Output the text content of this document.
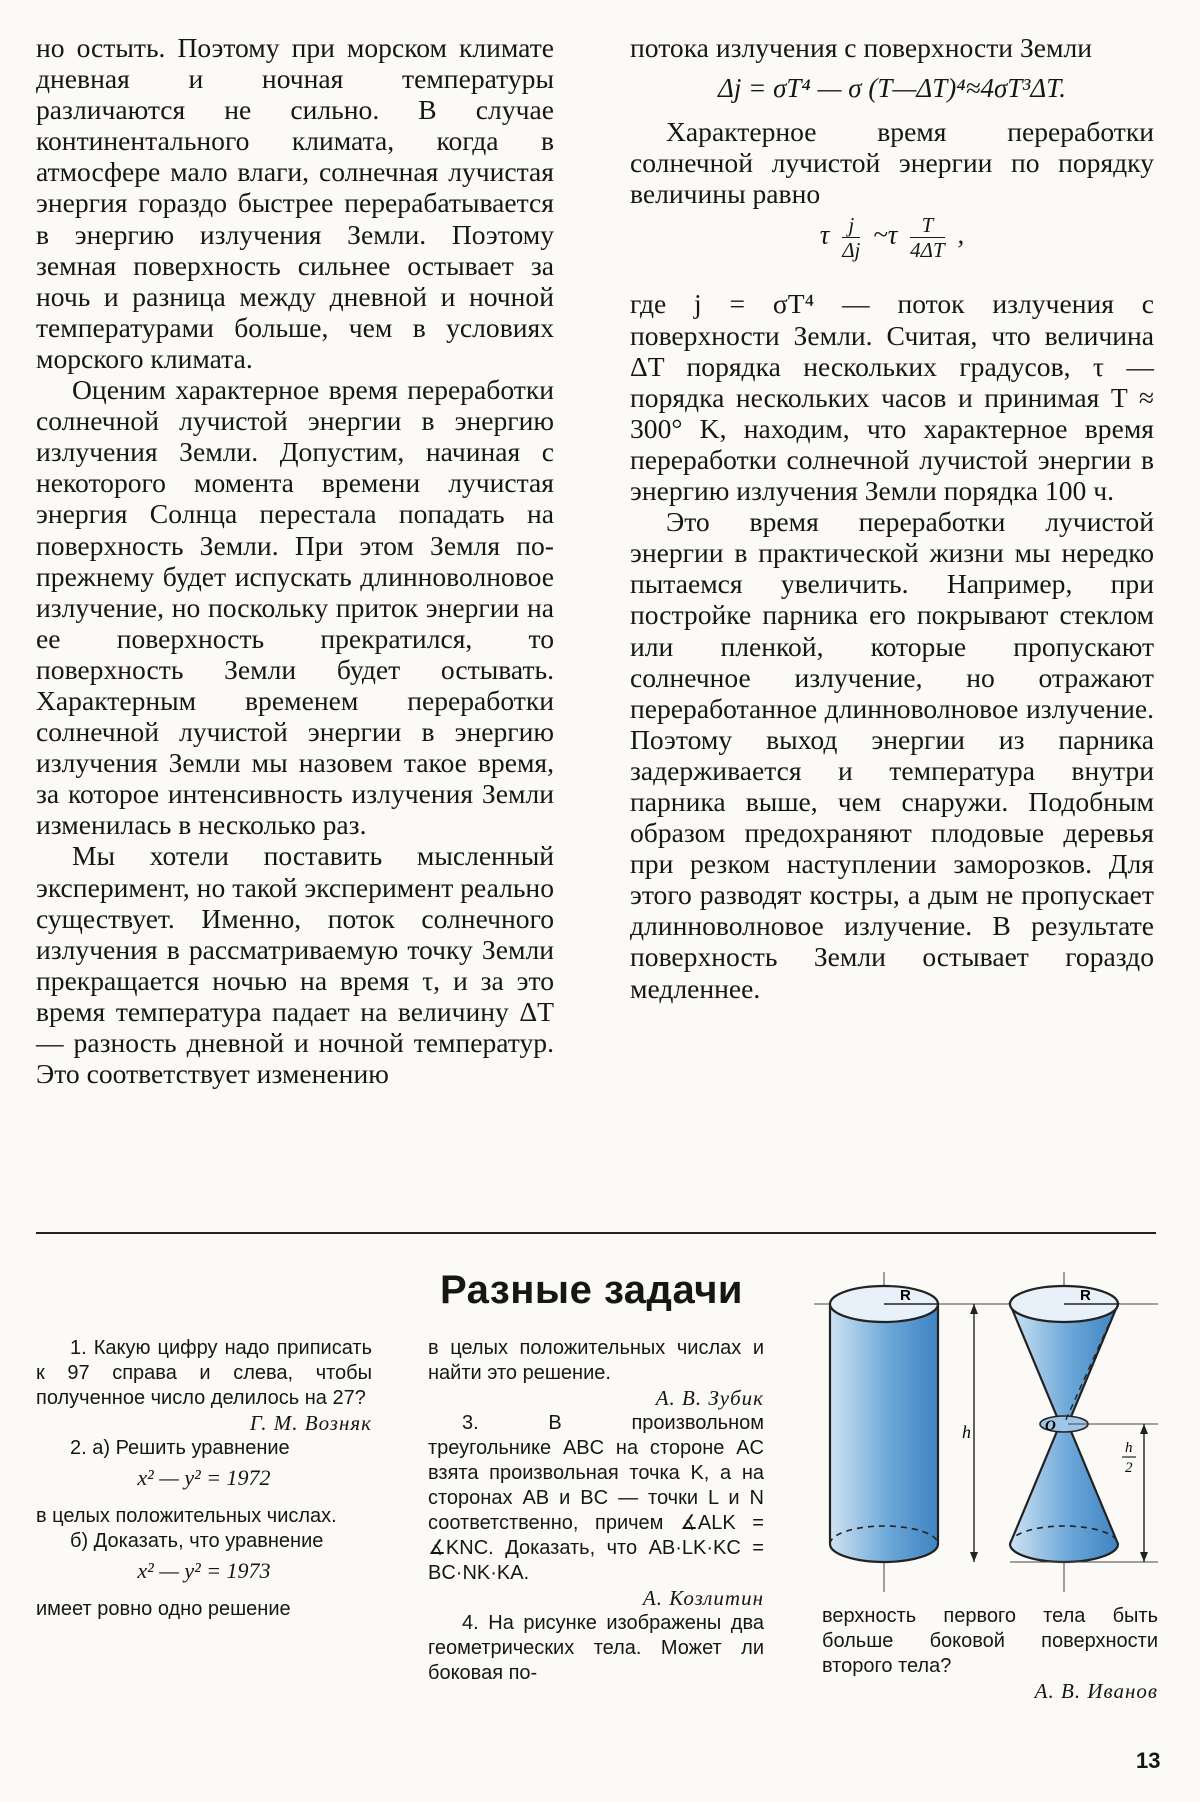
но остыть. Поэтому при морском климате дневная и ночная температуры различаются не сильно. В случае континентального климата, когда в атмосфере мало влаги, солнечная лучистая энергия гораздо быстрее перерабатывается в энергию излучения Земли. Поэтому земная поверхность сильнее остывает за ночь и разница между дневной и ночной температурами больше, чем в условиях морского климата.

Оценим характерное время переработки солнечной лучистой энергии в энергию излучения Земли. Допустим, начиная с некоторого момента времени лучистая энергия Солнца перестала попадать на поверхность Земли. При этом Земля по-прежнему будет испускать длинноволновое излучение, но поскольку приток энергии на ее поверхность прекратился, то поверхность Земли будет остывать. Характерным временем переработки солнечной лучистой энергии в энергию излучения Земли мы назовем такое время, за которое интенсивность излучения Земли изменилась в несколько раз.

Мы хотели поставить мысленный эксперимент, но такой эксперимент реально существует. Именно, поток солнечного излучения в рассматриваемую точку Земли прекращается ночью на время τ, и за это время температура падает на величину ΔT — разность дневной и ночной температур. Это соответствует изменению

потока излучения с поверхности Земли

Δj = σT⁴ — σ (T—ΔT)⁴≈4σT³ΔT.

Характерное время переработки солнечной лучистой энергии по порядку величины равно

τ $\frac{j}{\Delta j}$ ~τ $\frac{T}{4\Delta T}$ ,

где j = σT⁴ — поток излучения с поверхности Земли. Считая, что величина ΔT порядка нескольких градусов, τ — порядка нескольких часов и принимая T ≈ 300° K, находим, что характерное время переработки солнечной лучистой энергии в энергию излучения Земли порядка 100 ч.

Это время переработки лучистой энергии в практической жизни мы нередко пытаемся увеличить. Например, при постройке парника его покрывают стеклом или пленкой, которые пропускают солнечное излучение, но отражают переработанное длинноволновое излучение. Поэтому выход энергии из парника задерживается и температура внутри парника выше, чем снаружи. Подобным образом предохраняют плодовые деревья при резком наступлении заморозков. Для этого разводят костры, а дым не пропускает длинноволновое излучение. В результате поверхность Земли остывает гораздо медленнее.

Разные задачи

1. Какую цифру надо приписать к 97 справа и слева, чтобы полученное число делилось на 27?

Г. М. Возняк

2. а) Решить уравнение

x² — y² = 1972

в целых положительных числах.

б) Доказать, что уравнение

x² — y² = 1973

имеет ровно одно решение

в целых положительных числах и найти это решение.

А. В. Зубик

3. В произвольном треугольнике ABC на стороне AC взята произвольная точка K, а на сторонах AB и BC — точки L и N соответственно, причем ∡ALK = ∡KNC. Доказать, что AB·LK·KC = BC·NK·KA.

А. Козлитин

4. На рисунке изображены два геометрических тела. Может ли боковая по-

R	R
O
h
h
2

верхность первого тела быть больше боковой поверхности второго тела?

А. В. Иванов

13
